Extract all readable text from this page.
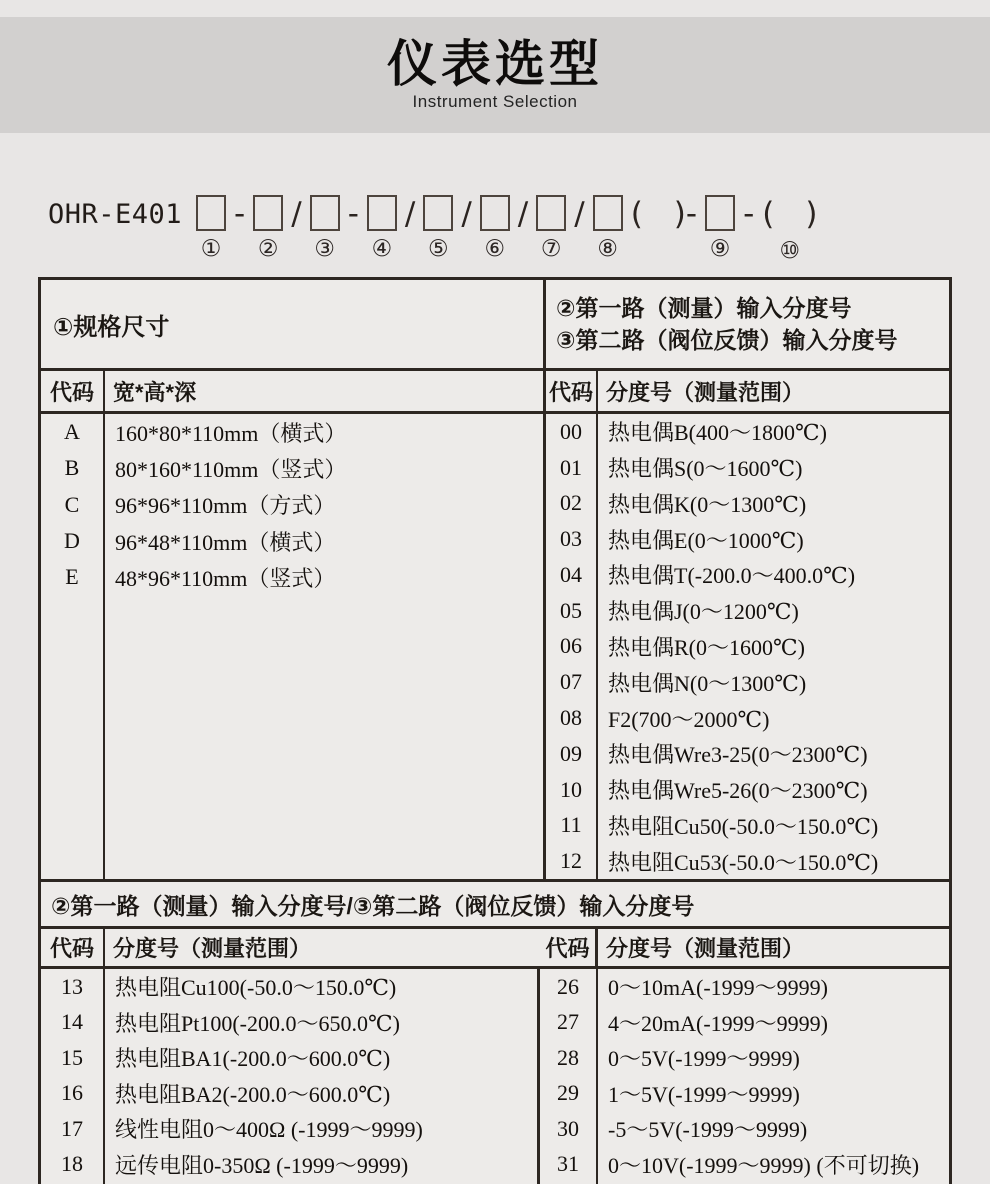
仪表选型
Instrument Selection
OHR-E401
①
-
②
/
③
-
④
/
⑤
/
⑥
/
⑦
/
⑧
( )-
⑨
- ( )
⑩
①规格尺寸
②第一路（测量）输入分度号
③第二路（阀位反馈）输入分度号
代码 宽*高*深	代码 分度号（测量范围）
A
B
C
D
E
160*80*110mm（横式）
80*160*110mm（竖式）
96*96*110mm（方式）
96*48*110mm（横式）
48*96*110mm（竖式）
00
01
02
03
04
05
06
07
08
09
10
11
12
热电偶B(400～1800℃)
热电偶S(0～1600℃)
热电偶K(0～1300℃)
热电偶E(0～1000℃)
热电偶T(-200.0～400.0℃)
热电偶J(0～1200℃)
热电偶R(0～1600℃)
热电偶N(0～1300℃)
F2(700～2000℃)
热电偶Wre3-25(0～2300℃)
热电偶Wre5-26(0～2300℃)
热电阻Cu50(-50.0～150.0℃)
热电阻Cu53(-50.0～150.0℃)
②第一路（测量）输入分度号/③第二路（阀位反馈）输入分度号
代码 分度号（测量范围）	代码 分度号（测量范围）
13
14
15
16
17
18
热电阻Cu100(-50.0～150.0℃)
热电阻Pt100(-200.0～650.0℃)
热电阻BA1(-200.0～600.0℃)
热电阻BA2(-200.0～600.0℃)
线性电阻0～400Ω (-1999～9999)
远传电阻0-350Ω (-1999～9999)
26
27
28
29
30
31
0～10mA(-1999～9999)
4～20mA(-1999～9999)
0～5V(-1999～9999)
1～5V(-1999～9999)
-5～5V(-1999～9999)
0～10V(-1999～9999) (不可切换)
